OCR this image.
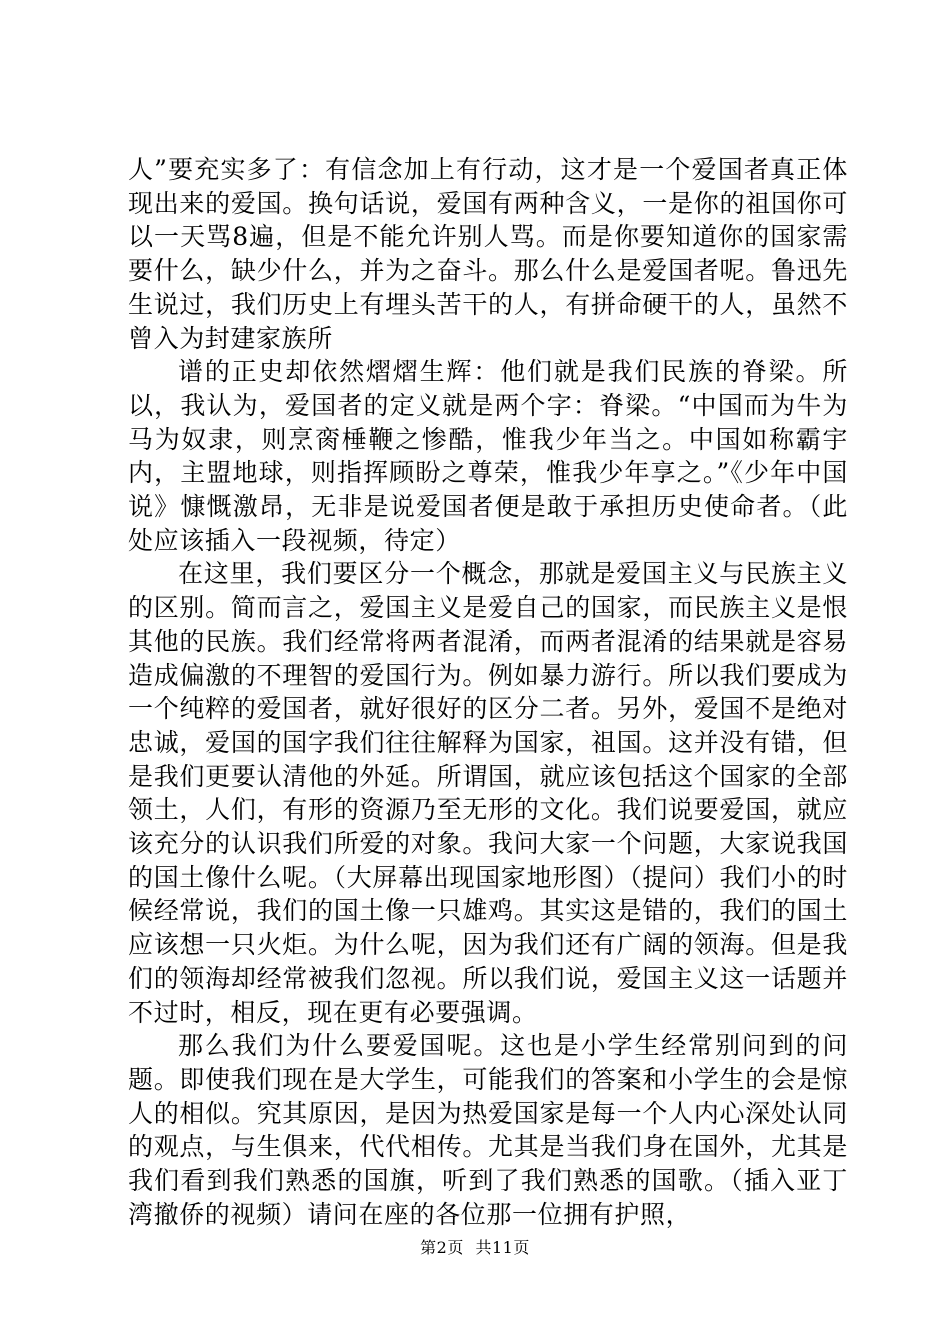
人”要充实多了：有信念加上有行动，这才是一个爱国者真正体现出来的爱国。换句话说，爱国有两种含义，一是你的祖国你可以一天骂8遍，但是不能允许别人骂。而是你要知道你的国家需要什么，缺少什么，并为之奋斗。那么什么是爱国者呢。鲁迅先生说过，我们历史上有埋头苦干的人，有拼命硬干的人，虽然不曾入为封建家族所

谱的正史却依然熠熠生辉：他们就是我们民族的脊梁。所以，我认为，爱国者的定义就是两个字：脊梁。“中国而为牛为马为奴隶，则烹脔棰鞭之惨酷，惟我少年当之。中国如称霸宇内，主盟地球，则指挥顾盼之尊荣，惟我少年享之。”《少年中国说》慷慨激昂，无非是说爱国者便是敢于承担历史使命者。（此处应该插入一段视频，待定）

在这里，我们要区分一个概念，那就是爱国主义与民族主义的区别。简而言之，爱国主义是爱自己的国家，而民族主义是恨其他的民族。我们经常将两者混淆，而两者混淆的结果就是容易造成偏激的不理智的爱国行为。例如暴力游行。所以我们要成为一个纯粹的爱国者，就好很好的区分二者。另外，爱国不是绝对忠诚，爱国的国字我们往往解释为国家，祖国。这并没有错，但是我们更要认清他的外延。所谓国，就应该包括这个国家的全部领土，人们，有形的资源乃至无形的文化。我们说要爱国，就应该充分的认识我们所爱的对象。我问大家一个问题，大家说我国的国土像什么呢。（大屏幕出现国家地形图）（提问）我们小的时候经常说，我们的国土像一只雄鸡。其实这是错的，我们的国土应该想一只火炬。为什么呢，因为我们还有广阔的领海。但是我们的领海却经常被我们忽视。所以我们说，爱国主义这一话题并不过时，相反，现在更有必要强调。

那么我们为什么要爱国呢。这也是小学生经常别问到的问题。即使我们现在是大学生，可能我们的答案和小学生的会是惊人的相似。究其原因，是因为热爱国家是每一个人内心深处认同的观点，与生俱来，代代相传。尤其是当我们身在国外，尤其是我们看到我们熟悉的国旗，听到了我们熟悉的国歌。（插入亚丁湾撤侨的视频）请问在座的各位那一位拥有护照，

第2页 共11页
